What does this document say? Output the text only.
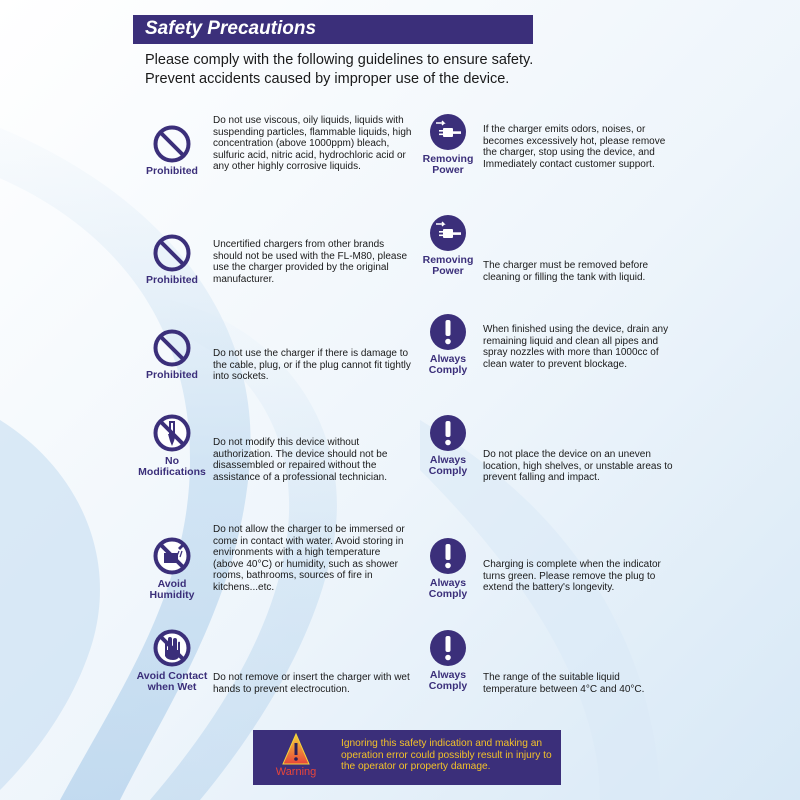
Safety Precautions
Please comply with the following guidelines to ensure safety.
Prevent accidents caused by improper use of the device.
Prohibited
Do not use viscous, oily liquids, liquids with suspending particles, flammable liquids, high concentration (above 1000ppm) bleach, sulfuric acid, nitric acid, hydrochloric acid or any other highly corrosive liquids.
Prohibited
Uncertified chargers from other brands should not be used with the FL-M80, please use the charger provided by the original manufacturer.
Prohibited
Do not use the charger if there is damage to the cable, plug, or if the plug cannot fit tightly into sockets.
No
Modifications
Do not modify this device without authorization. The device should not be disassembled or repaired without the assistance of a professional technician.
Avoid
Humidity
Do not allow the charger to be immersed or come in contact with water. Avoid storing in environments with a high temperature (above 40°C) or humidity, such as shower rooms, bathrooms, sources of fire in kitchens...etc.
Avoid Contact
when Wet
Do not remove or insert the charger with wet hands to prevent electrocution.
Removing
Power
If the charger emits odors, noises, or becomes excessively hot, please remove the charger, stop using the device, and Immediately contact customer support.
Removing
Power	The charger must be removed before cleaning or filling the tank with liquid.
Always
Comply
When finished using the device, drain any remaining liquid and clean all pipes and spray nozzles with more than 1000cc of clean water to prevent blockage.
Always
Comply
Do not place the device on an uneven location, high shelves, or unstable areas to prevent falling and impact.
Always
Comply
Charging is complete when the indicator turns green. Please remove the plug to extend the battery's longevity.
Always
Comply
The range of the suitable liquid temperature between 4°C and 40°C.
Warning
Ignoring this safety indication and making an operation error could possibly result in injury to the operator or property damage.
